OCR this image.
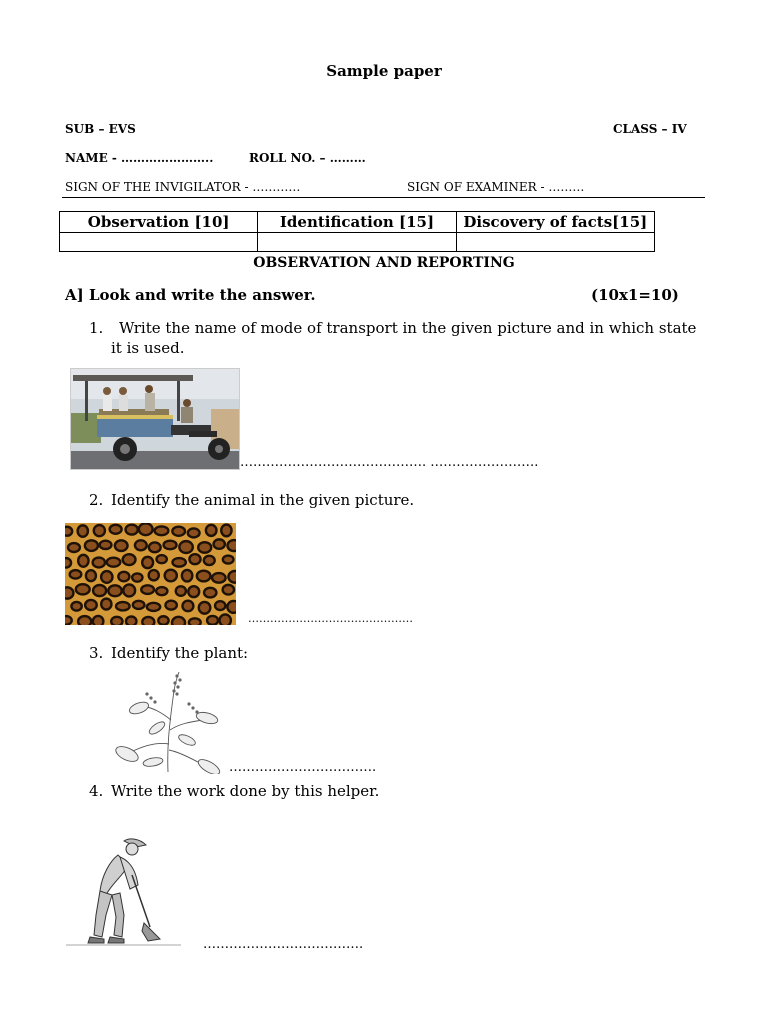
Sample paper
SUB – EVS	CLASS – IV
NAME - …………………..	ROLL NO. – ………
SIGN OF THE INVIGILATOR - …………	SIGN OF EXAMINER - ………
Observation [10]	Identification [15]	Discovery of facts[15]

OBSERVATION AND REPORTING
A] Look and write the answer.	(10x1=10)
1. Write the name of mode of transport in the given picture and in which state
it is used.
……………………………………. …………………….
2. Identify the animal in the given picture.
………………………………………
3. Identify the plant:
…………………………….
4. Write the work done by this helper.
……………………………….
